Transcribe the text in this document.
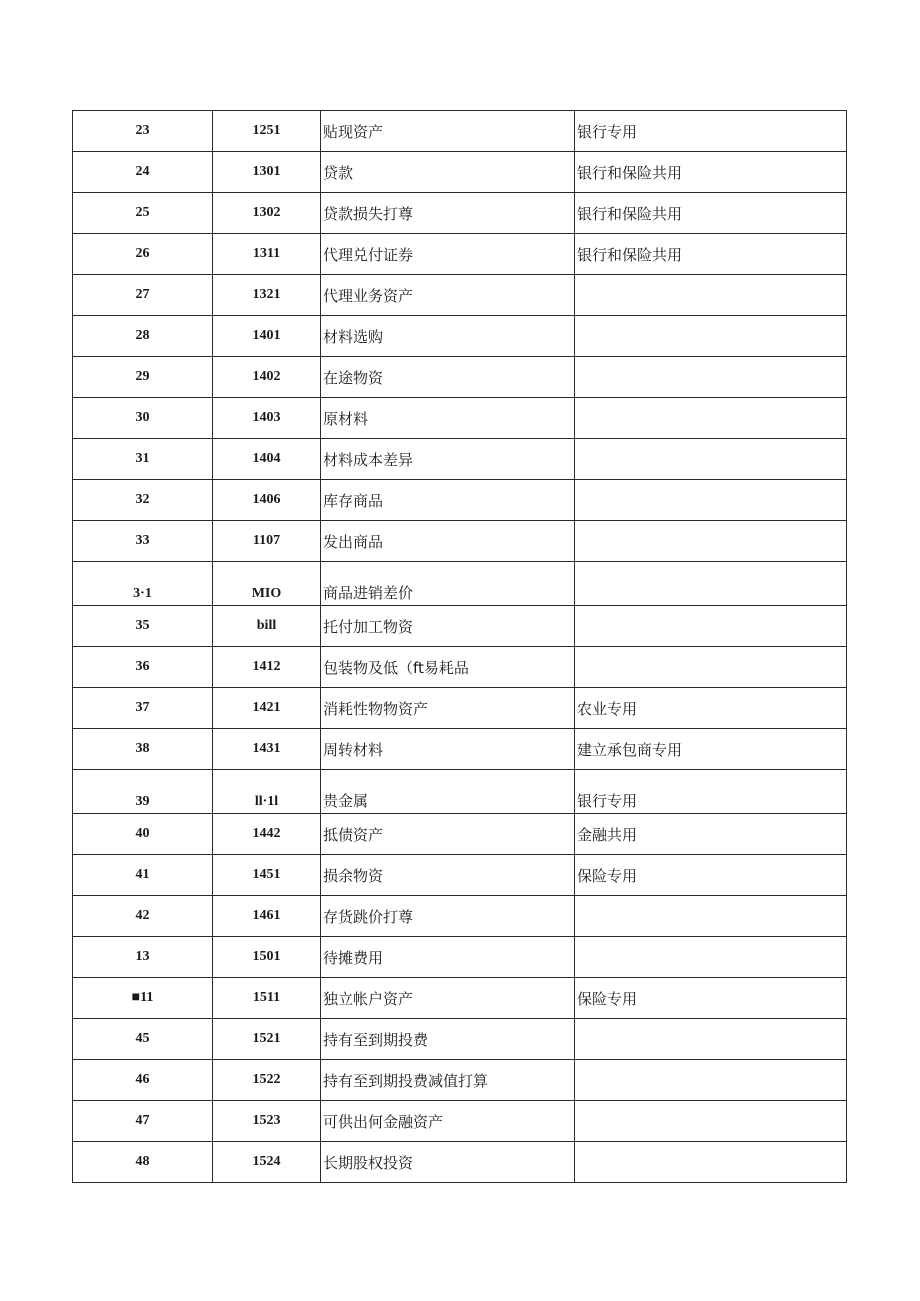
23	1251	贴现资产	银行专用
24	1301	贷款	银行和保险共用
25	1302	贷款损失打尊	银行和保险共用
26	1311	代理兑付证券	银行和保险共用
27	1321	代理业务资产	
28	1401	材料选购	
29	1402	在途物资	
30	1403	原材料	
31	1404	材料成本差异	
32	1406	库存商品	
33	1107	发出商品	
3·1	MIO	商品进销差价	
35	bill	托付加工物资	
36	1412	包装物及低（ft易耗品	
37	1421	消耗性物物资产	农业专用
38	1431	周转材料	建立承包商专用
39	ll·1l	贵金属	银行专用
40	1442	抵债资产	金融共用
41	1451	损余物资	保险专用
42	1461	存货跳价打尊	
13	1501	待摊费用	
■11	1511	独立帐户资产	保险专用
45	1521	持有至到期投费	
46	1522	持有至到期投费减值打算	
47	1523	可供出何金融资产	
48	1524	长期股权投资	
